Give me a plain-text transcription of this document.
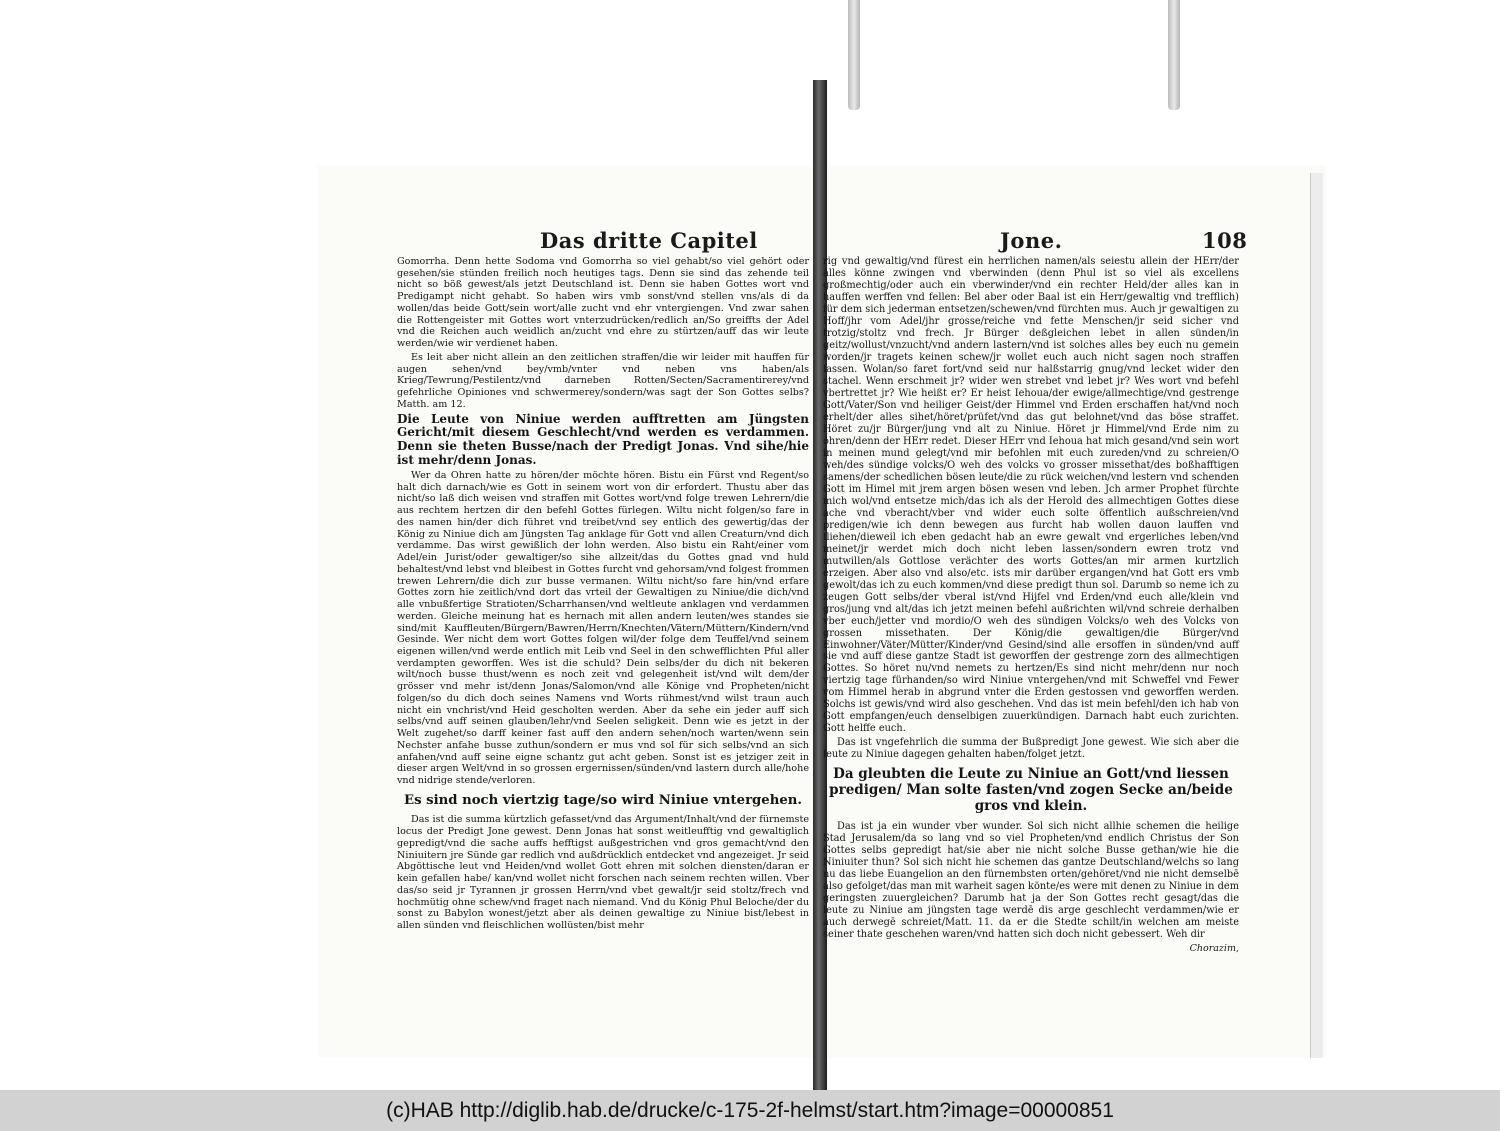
Das dritte Capitel	Jone.	108

Gomorrha. Denn hette Sodoma vnd Gomorrha so viel gehabt/so viel gehört oder gesehen/sie stünden freilich noch heutiges tags. Denn sie sind das zehende teil nicht so böß gewest/als jetzt Deutschland ist. Denn sie haben Gottes wort vnd Predigampt nicht gehabt. So haben wirs vmb sonst/vnd stellen vns/als di da wollen/das beide Gott/sein wort/alle zucht vnd ehr vntergiengen. Vnd zwar sahen die Rottengeister mit Gottes wort vnterzudrücken/redlich an/So greiffts der Adel vnd die Reichen auch weidlich an/zucht vnd ehre zu stürtzen/auff das wir leute werden/wie wir verdienet haben.

Es leit aber nicht allein an den zeitlichen straffen/die wir leider mit hauffen für augen sehen/vnd bey/vmb/vnter vnd neben vns haben/als Krieg/Tewrung/Pestilentz/vnd darneben Rotten/Secten/Sacramentirerey/vnd gefehrliche Opiniones vnd schwermerey/sondern/was sagt der Son Gottes selbs? Matth. am 12.

Die Leute von Niniue werden aufftretten am Jüngsten Gericht/mit diesem Geschlecht/vnd werden es verdammen. Denn sie theten Busse/nach der Predigt Jonas. Vnd sihe/hie ist mehr/denn Jonas.

Wer da Ohren hatte zu hören/der möchte hören. Bistu ein Fürst vnd Regent/so halt dich darnach/wie es Gott in seinem wort von dir erfordert. Thustu aber das nicht/so laß dich weisen vnd straffen mit Gottes wort/vnd folge trewen Lehrern/die aus rechtem hertzen dir den befehl Gottes fürlegen. Wiltu nicht folgen/so fare in des namen hin/der dich führet vnd treibet/vnd sey entlich des gewertig/das der König zu Niniue dich am Jüngsten Tag anklage für Gott vnd allen Creaturn/vnd dich verdamme. Das wirst gewißlich der lohn werden. Also bistu ein Raht/einer vom Adel/ein Jurist/oder gewaltiger/so sihe allzeit/das du Gottes gnad vnd huld behaltest/vnd lebst vnd bleibest in Gottes furcht vnd gehorsam/vnd folgest frommen trewen Lehrern/die dich zur busse vermanen. Wiltu nicht/so fare hin/vnd erfare Gottes zorn hie zeitlich/vnd dort das vrteil der Gewaltigen zu Niniue/die dich/vnd alle vnbußfertige Stratioten/Scharrhansen/vnd weltleute anklagen vnd verdammen werden. Gleiche meinung hat es hernach mit allen andern leuten/wes standes sie sind/mit Kauffleuten/Bürgern/Bawren/Herrn/Knechten/Vätern/Müttern/Kindern/vnd Gesinde. Wer nicht dem wort Gottes folgen wil/der folge dem Teuffel/vnd seinem eigenen willen/vnd werde entlich mit Leib vnd Seel in den schwefflichten Pful aller verdampten geworffen. Wes ist die schuld? Dein selbs/der du dich nit bekeren wilt/noch busse thust/wenn es noch zeit vnd gelegenheit ist/vnd wilt dem/der grösser vnd mehr ist/denn Jonas/Salomon/vnd alle Könige vnd Propheten/nicht folgen/so du dich doch seines Namens vnd Worts rühmest/vnd wilst traun auch nicht ein vnchrist/vnd Heid gescholten werden. Aber da sehe ein jeder auff sich selbs/vnd auff seinen glauben/lehr/vnd Seelen seligkeit. Denn wie es jetzt in der Welt zugehet/so darff keiner fast auff den andern sehen/noch warten/wenn sein Nechster anfahe busse zuthun/sondern er mus vnd sol für sich selbs/vnd an sich anfahen/vnd auff seine eigne schantz gut acht geben. Sonst ist es jetziger zeit in dieser argen Welt/vnd in so grossen ergernissen/sünden/vnd lastern durch alle/hohe vnd nidrige stende/verloren.

Es sind noch viertzig tage/so wird Niniue vntergehen.

Das ist die summa kürtzlich gefasset/vnd das Argument/Inhalt/vnd der fürnemste locus der Predigt Jone gewest. Denn Jonas hat sonst weitleufftig vnd gewaltiglich gepredigt/vnd die sache auffs hefftigst außgestrichen vnd gros gemacht/vnd den Niniuitern jre Sünde gar redlich vnd außdrücklich entdecket vnd angezeiget. Jr seid Abgöttische leut vnd Heiden/vnd wollet Gott ehren mit solchen diensten/daran er kein gefallen habe/ kan/vnd wollet nicht forschen nach seinem rechten willen. Vber das/so seid jr Tyrannen jr grossen Herrn/vnd vbet gewalt/jr seid stoltz/frech vnd hochmütig ohne schew/vnd fraget nach niemand. Vnd du König Phul Beloche/der du sonst zu Babylon wonest/jetzt aber als deinen gewaltige zu Niniue bist/lebest in allen sünden vnd fleischlichen wollüsten/bist mehr

rig vnd gewaltig/vnd fürest ein herrlichen namen/als seiestu allein der HErr/der alles könne zwingen vnd vberwinden (denn Phul ist so viel als excellens großmechtig/oder auch ein vberwinder/vnd ein rechter Held/der alles kan in hauffen werffen vnd fellen: Bel aber oder Baal ist ein Herr/gewaltig vnd trefflich) für dem sich jederman entsetzen/schewen/vnd fürchten mus. Auch jr gewaltigen zu Hoff/jhr vom Adel/jhr grosse/reiche vnd fette Menschen/jr seid sicher vnd trotzig/stoltz vnd frech. Jr Bürger deßgleichen lebet in allen sünden/in geitz/wollust/vnzucht/vnd andern lastern/vnd ist solches alles bey euch nu gemein worden/jr tragets keinen schew/jr wollet euch auch nicht sagen noch straffen lassen. Wolan/so faret fort/vnd seid nur halßstarrig gnug/vnd lecket wider den stachel. Wenn erschmeit jr? wider wen strebet vnd lebet jr? Wes wort vnd befehl vbertrettet jr? Wie heißt er? Er heist Iehoua/der ewige/allmechtige/vnd gestrenge Gott/Vater/Son vnd heiliger Geist/der Himmel vnd Erden erschaffen hat/vnd noch erhelt/der alles sihet/höret/prüfet/vnd das gut belohnet/vnd das böse straffet. Höret zu/jr Bürger/jung vnd alt zu Niniue. Höret jr Himmel/vnd Erde nim zu ohren/denn der HErr redet. Dieser HErr vnd Iehoua hat mich gesand/vnd sein wort in meinen mund gelegt/vnd mir befohlen mit euch zureden/vnd zu schreien/O weh/des sündige volcks/O weh des volcks vo grosser missethat/des boßhafftigen samens/der schedlichen bösen leute/die zu rück weichen/vnd lestern vnd schenden Gott im Himel mit jrem argen bösen wesen vnd leben. Jch armer Prophet fürchte mich wol/vnd entsetze mich/das ich als der Herold des allmechtigen Gottes diese ache vnd vberacht/vber vnd wider euch solte öffentlich außschreien/vnd predigen/wie ich denn bewegen aus furcht hab wollen dauon lauffen vnd fliehen/dieweil ich eben gedacht hab an ewre gewalt vnd ergerliches leben/vnd meinet/jr werdet mich doch nicht leben lassen/sondern ewren trotz vnd mutwillen/als Gottlose verächter des worts Gottes/an mir armen kurtzlich erzeigen. Aber also vnd also/etc. ists mir darüber ergangen/vnd hat Gott ers vmb gewolt/das ich zu euch kommen/vnd diese predigt thun sol. Darumb so neme ich zu zeugen Gott selbs/der vberal ist/vnd Hijfel vnd Erden/vnd euch alle/klein vnd gros/jung vnd alt/das ich jetzt meinen befehl außrichten wil/vnd schreie derhalben vber euch/jetter vnd mordio/O weh des sündigen Volcks/o weh des Volcks von grossen missethaten. Der König/die gewaltigen/die Bürger/vnd Einwohner/Väter/Mütter/Kinder/vnd Gesind/sind alle ersoffen in sünden/vnd auff sie vnd auff diese gantze Stadt ist geworffen der gestrenge zorn des allmechtigen Gottes. So höret nu/vnd nemets zu hertzen/Es sind nicht mehr/denn nur noch viertzig tage fürhanden/so wird Niniue vntergehen/vnd mit Schweffel vnd Fewer vom Himmel herab in abgrund vnter die Erden gestossen vnd geworffen werden. Solchs ist gewis/vnd wird also geschehen. Vnd das ist mein befehl/den ich hab von Gott empfangen/euch denselbigen zuuerkündigen. Darnach habt euch zurichten. Gott helffe euch.

Das ist vngefehrlich die summa der Bußpredigt Jone gewest. Wie sich aber die leute zu Niniue dagegen gehalten haben/folget jetzt.

Da gleubten die Leute zu Niniue an Gott/vnd liessen predigen/ Man solte fasten/vnd zogen Secke an/beide gros vnd klein.

Das ist ja ein wunder vber wunder. Sol sich nicht allhie schemen die heilige Stad Jerusalem/da so lang vnd so viel Propheten/vnd endlich Christus der Son Gottes selbs gepredigt hat/sie aber nie nicht solche Busse gethan/wie hie die Niniuiter thun? Sol sich nicht hie schemen das gantze Deutschland/welchs so lang nu das liebe Euangelion an den fürnembsten orten/gehöret/vnd nie nicht demselbē also gefolget/das man mit warheit sagen könte/es were mit denen zu Niniue in dem geringsten zuuergleichen? Darumb hat ja der Son Gottes recht gesagt/das die leute zu Niniue am jüngsten tage werdē dis arge geschlecht verdammen/wie er auch derwegē schreiet/Matt. 11. da er die Stedte schilt/in welchen am meiste seiner thate geschehen waren/vnd hatten sich doch nicht gebessert. Weh dir

Chorazim,
(c)HAB http://diglib.hab.de/drucke/c-175-2f-helmst/start.htm?image=00000851
